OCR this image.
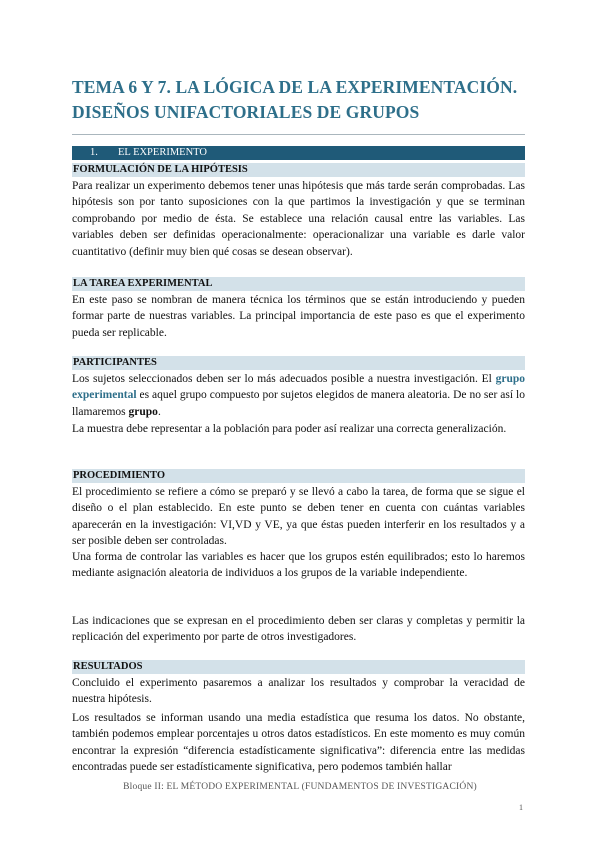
TEMA 6 Y 7. LA LÓGICA DE LA EXPERIMENTACIÓN.
DISEÑOS UNIFACTORIALES DE GRUPOS
1. EL EXPERIMENTO
FORMULACIÓN DE LA HIPÓTESIS

Para realizar un experimento debemos tener unas hipótesis que más tarde serán comprobadas. Las hipótesis son por tanto suposiciones con la que partimos la investigación y que se terminan comprobando por medio de ésta. Se establece una relación causal entre las variables. Las variables deben ser definidas operacionalmente: operacionalizar una variable es darle valor cuantitativo (definir muy bien qué cosas se desean observar).

LA TAREA EXPERIMENTAL

En este paso se nombran de manera técnica los términos que se están introduciendo y pueden formar parte de nuestras variables. La principal importancia de este paso es que el experimento pueda ser replicable.

PARTICIPANTES

Los sujetos seleccionados deben ser lo más adecuados posible a nuestra investigación. El grupo experimental es aquel grupo compuesto por sujetos elegidos de manera aleatoria. De no ser así lo llamaremos grupo.

La muestra debe representar a la población para poder así realizar una correcta generalización.

PROCEDIMIENTO

El procedimiento se refiere a cómo se preparó y se llevó a cabo la tarea, de forma que se sigue el diseño o el plan establecido. En este punto se deben tener en cuenta con cuántas variables aparecerán en la investigación: VI,VD y VE, ya que éstas pueden interferir en los resultados y a ser posible deben ser controladas.

Una forma de controlar las variables es hacer que los grupos estén equilibrados; esto lo haremos mediante asignación aleatoria de individuos a los grupos de la variable independiente.

Las indicaciones que se expresan en el procedimiento deben ser claras y completas y permitir la replicación del experimento por parte de otros investigadores.

RESULTADOS

Concluido el experimento pasaremos a analizar los resultados y comprobar la veracidad de nuestra hipótesis.

Los resultados se informan usando una media estadística que resuma los datos. No obstante, también podemos emplear porcentajes u otros datos estadísticos. En este momento es muy común encontrar la expresión “diferencia estadísticamente significativa”: diferencia entre las medidas encontradas puede ser estadísticamente significativa, pero podemos también hallar

Bloque II: EL MÉTODO EXPERIMENTAL (FUNDAMENTOS DE INVESTIGACIÓN)
1
